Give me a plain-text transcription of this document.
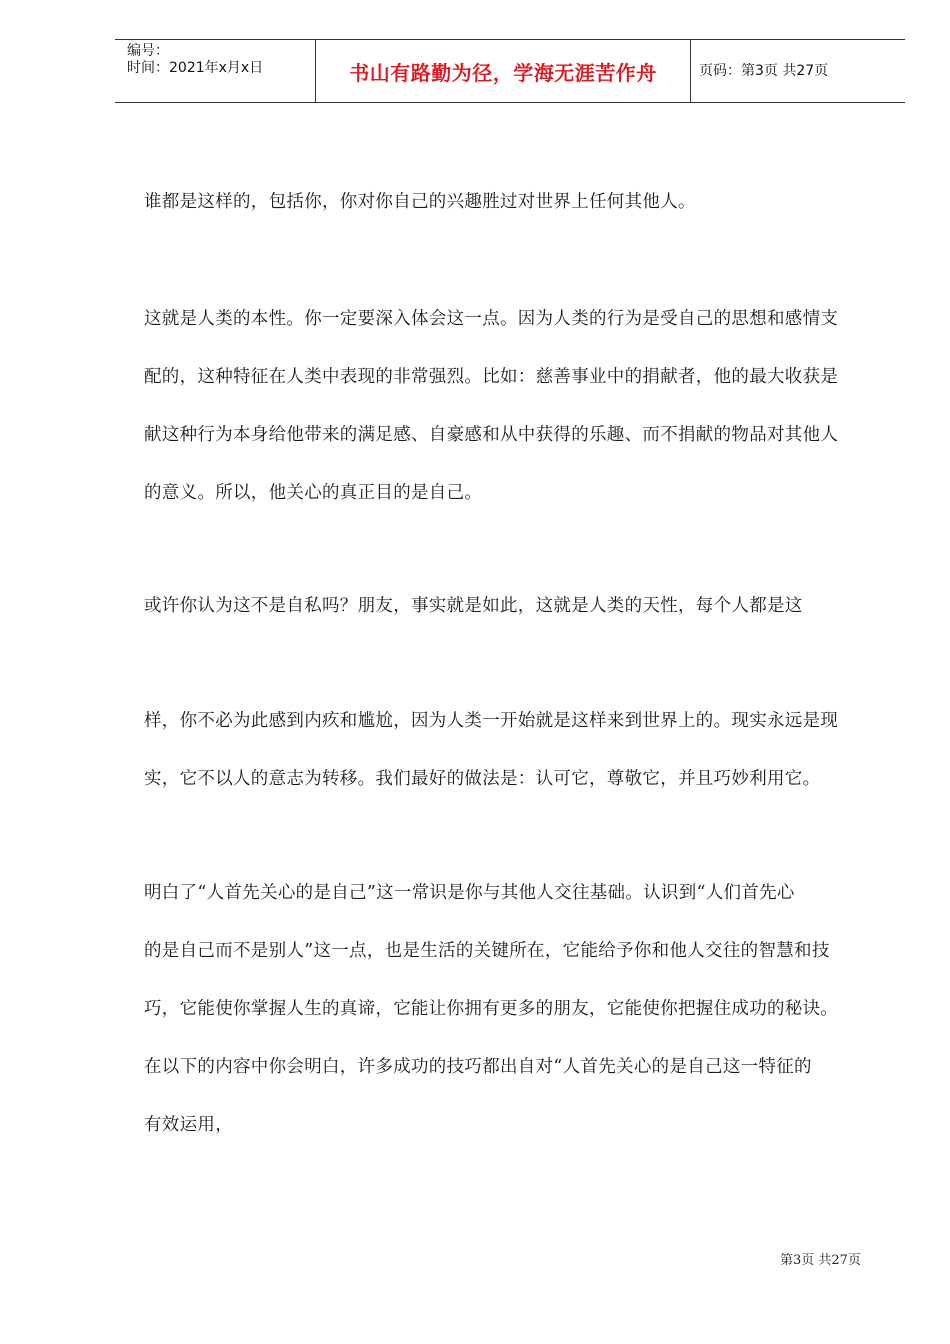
编号：
时间：2021年x月x日	书山有路勤为径，学海无涯苦作舟	页码：第3页 共27页
谁都是这样的，包括你，你对你自己的兴趣胜过对世界上任何其他人。
这就是人类的本性。你一定要深入体会这一点。因为人类的行为是受自己的思想和感情支
配的，这种特征在人类中表现的非常强烈。比如：慈善事业中的捐献者，他的最大收获是
献这种行为本身给他带来的满足感、自豪感和从中获得的乐趣、而不捐献的物品对其他人
的意义。所以，他关心的真正目的是自己。
或许你认为这不是自私吗？朋友，事实就是如此，这就是人类的天性，每个人都是这
样，你不必为此感到内疚和尴尬，因为人类一开始就是这样来到世界上的。现实永远是现
实，它不以人的意志为转移。我们最好的做法是：认可它，尊敬它，并且巧妙利用它。
明白了“人首先关心的是自己”这一常识是你与其他人交往基础。认识到“人们首先心
的是自己而不是别人”这一点，也是生活的关键所在，它能给予你和他人交往的智慧和技
巧，它能使你掌握人生的真谛，它能让你拥有更多的朋友，它能使你把握住成功的秘诀。
在以下的内容中你会明白，许多成功的技巧都出自对“人首先关心的是自己这一特征的
有效运用，
第3页 共27页
